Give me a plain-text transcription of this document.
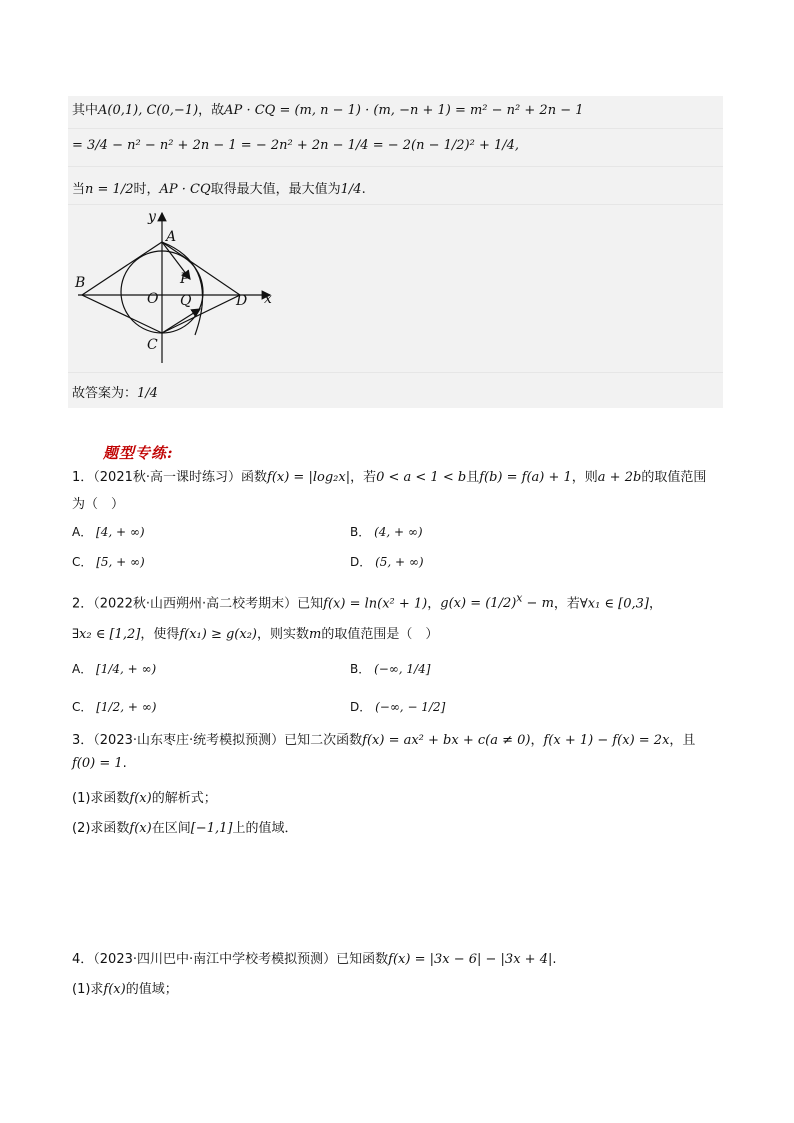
其中A(0,1), C(0,−1)，故AP · CQ = (m, n − 1) · (m, −n + 1) = m² − n² + 2n − 1
= 3/4 − n² − n² + 2n − 1 = − 2n² + 2n − 1/4 = − 2(n − 1/2)² + 1/4,
当n = 1/2时，AP · CQ取得最大值，最大值为1/4.
y
x
A
B
C
D
O
P
Q
故答案为：1/4
题型专练:
1．（2021秋·高一课时练习）函数f(x) = |log₂x|，若0 < a < 1 < b且f(b) = f(a) + 1，则a + 2b的取值范围
为（　）
A． [4, + ∞)	B． (4, + ∞)
C． [5, + ∞)	D． (5, + ∞)
2．（2022秋·山西朔州·高二校考期末）已知f(x) = ln(x² + 1)，$g(x) = (1/2)^x - m$，若∀x₁ ∈ [0,3]，
∃x₂ ∈ [1,2]，使得f(x₁) ≥ g(x₂)，则实数m的取值范围是（　）
A． [1/4, + ∞)	B． (−∞, 1/4]
C． [1/2, + ∞)	D． (−∞, − 1/2]
3．（2023·山东枣庄·统考模拟预测）已知二次函数f(x) = ax² + bx + c(a ≠ 0)，f(x + 1) − f(x) = 2x，且
f(0) = 1.
(1)求函数f(x)的解析式；
(2)求函数f(x)在区间[−1,1]上的值域．
4．（2023·四川巴中·南江中学校考模拟预测）已知函数f(x) = |3x − 6| − |3x + 4|.
(1)求f(x)的值域；
